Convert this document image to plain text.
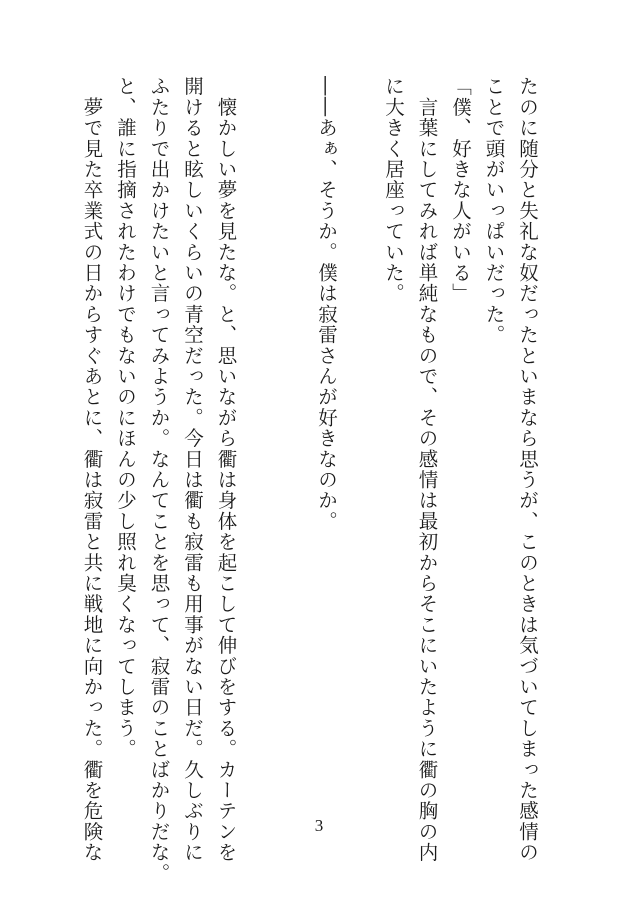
たのに随分と失礼な奴だったといまなら思うが、このときは気づいてしまった感情の

ことで頭がいっぱいだった。

「僕、好きな人がいる」

　言葉にしてみれば単純なもので、その感情は最初からそこにいたように衢の胸の内

に大きく居座っていた。

――あぁ、そうか。僕は寂雷さんが好きなのか。

　懐かしい夢を見たな。と、思いながら衢は身体を起こして伸びをする。カーテンを

開けると眩しいくらいの青空だった。今日は衢も寂雷も用事がない日だ。久しぶりに

ふたりで出かけたいと言ってみようか。なんてことを思って、寂雷のことばかりだな。

と、誰に指摘されたわけでもないのにほんの少し照れ臭くなってしまう。

　夢で見た卒業式の日からすぐあとに、衢は寂雷と共に戦地に向かった。衢を危険な	3
